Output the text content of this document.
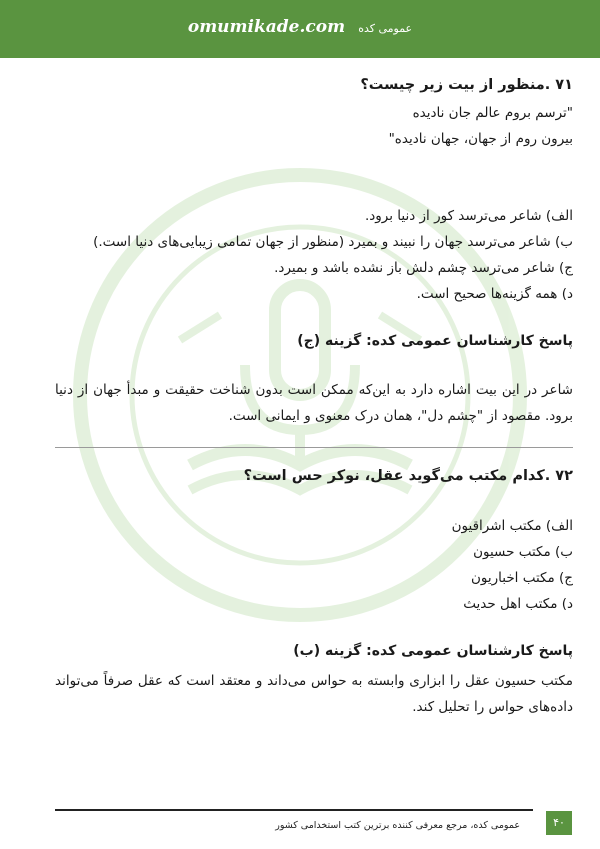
omumikade.com عمومی کده
۷۱ .منظور از بیت زیر چیست؟
"ترسم بروم عالم جان نادیده
بیرون روم از جهان، جهان نادیده"
الف) شاعر می‌ترسد کور از دنیا برود.
ب) شاعر می‌ترسد جهان را نبیند و بمیرد (منظور از جهان تمامی زیبایی‌های دنیا است.)
ج) شاعر می‌ترسد چشم دلش باز نشده باشد و بمیرد.
د) همه گزینه‌ها صحیح است.
پاسخ کارشناسان عمومی کده: گزینه (ج)
شاعر در این بیت اشاره دارد به این‌که ممکن است بدون شناخت حقیقت و مبدأ جهان از دنیا برود. مقصود از "چشم دل"، همان درک معنوی و ایمانی است.
۷۲ .کدام مکتب می‌گوید عقل، نوکر حس است؟
الف) مکتب اشراقیون
ب) مکتب حسیون
ج) مکتب اخباریون
د) مکتب اهل حدیث
پاسخ کارشناسان عمومی کده: گزینه (ب)
مکتب حسیون عقل را ابزاری وابسته به حواس می‌داند و معتقد است که عقل صرفاً می‌تواند داده‌های حواس را تحلیل کند.
عمومی کده، مرجع معرفی کننده برترین کتب استخدامی کشور	۴۰
